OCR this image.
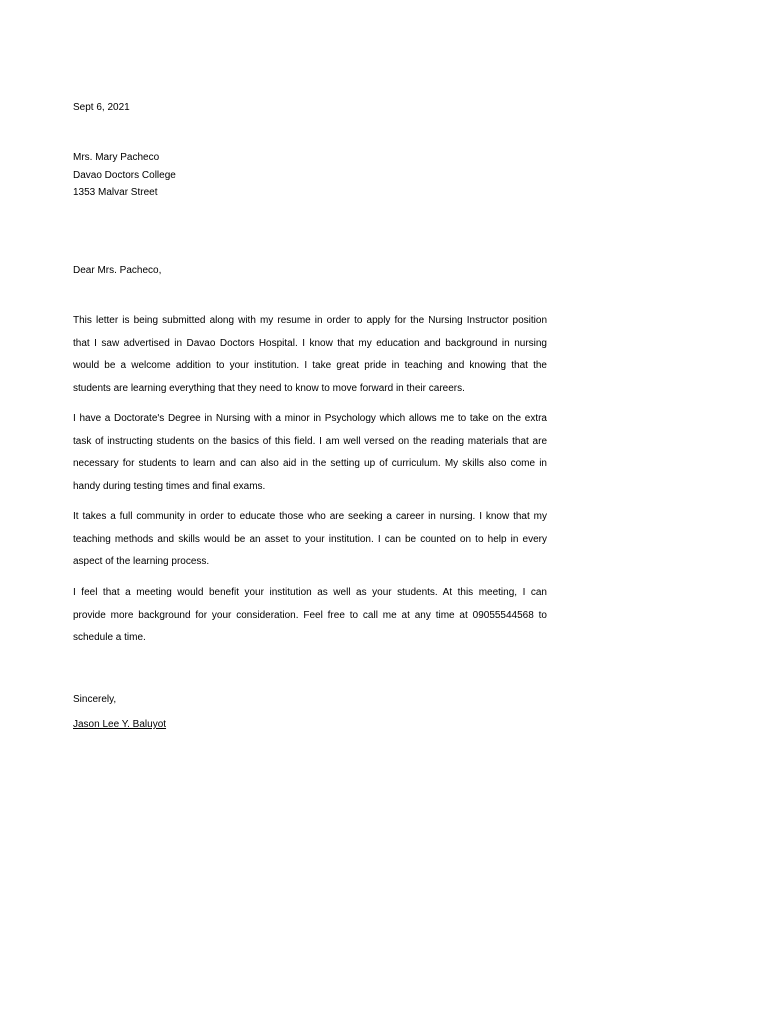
Sept 6, 2021
Mrs. Mary Pacheco
Davao Doctors College
1353 Malvar Street
Dear Mrs. Pacheco,
This letter is being submitted along with my resume in order to apply for the Nursing Instructor position
that I saw advertised in Davao Doctors Hospital. I know that my education and background in nursing
would be a welcome addition to your institution. I take great pride in teaching and knowing that the
students are learning everything that they need to know to move forward in their careers.
I have a Doctorate's Degree in Nursing with a minor in Psychology which allows me to take on the extra
task of instructing students on the basics of this field. I am well versed on the reading materials that are
necessary for students to learn and can also aid in the setting up of curriculum. My skills also come in
handy during testing times and final exams.
It takes a full community in order to educate those who are seeking a career in nursing. I know that my
teaching methods and skills would be an asset to your institution. I can be counted on to help in every
aspect of the learning process.
I feel that a meeting would benefit your institution as well as your students. At this meeting, I can
provide more background for your consideration. Feel free to call me at any time at 09055544568 to
schedule a time.
Sincerely,
Jason Lee Y. Baluyot
